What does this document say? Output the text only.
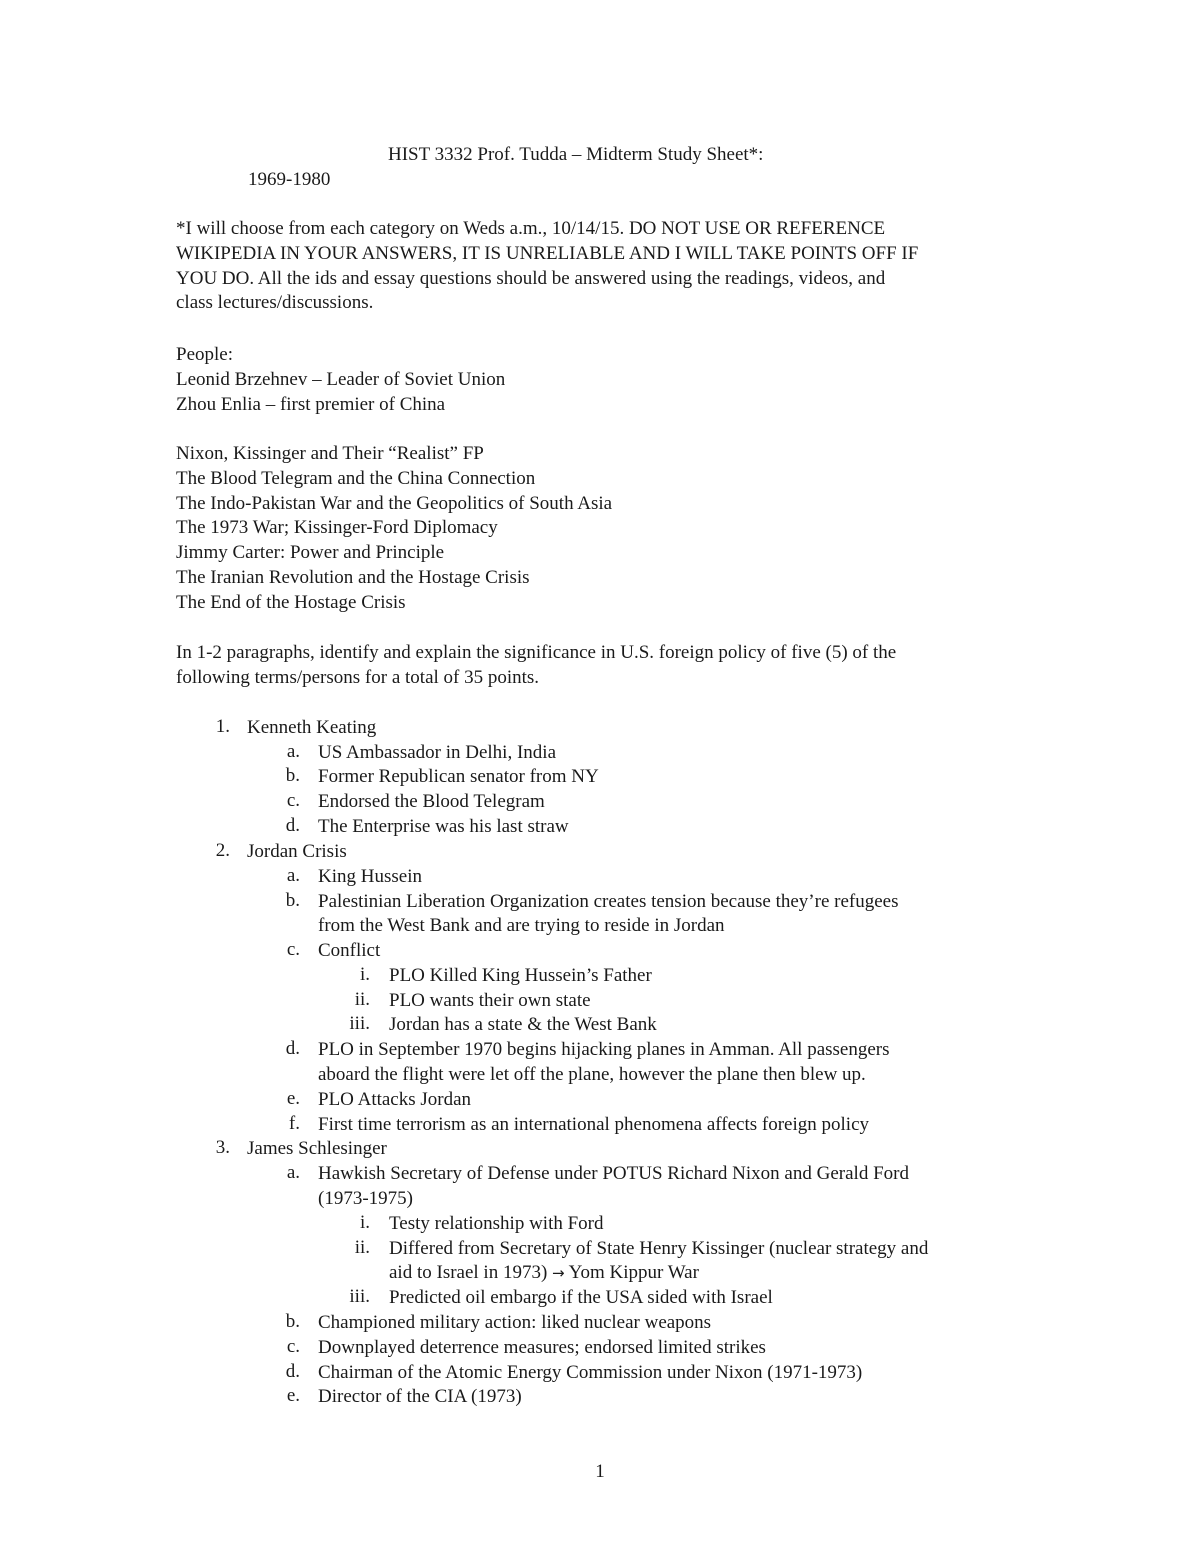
HIST 3332 Prof. Tudda – Midterm Study Sheet*:
1969-1980

*I will choose from each category on Weds a.m., 10/14/15. DO NOT USE OR REFERENCE

WIKIPEDIA IN YOUR ANSWERS, IT IS UNRELIABLE AND I WILL TAKE POINTS OFF IF

YOU DO. All the ids and essay questions should be answered using the readings, videos, and

class lectures/discussions.

People:

Leonid Brzehnev – Leader of Soviet Union

Zhou Enlia – first premier of China

Nixon, Kissinger and Their “Realist” FP

The Blood Telegram and the China Connection

The Indo-Pakistan War and the Geopolitics of South Asia

The 1973 War; Kissinger-Ford Diplomacy

Jimmy Carter: Power and Principle

The Iranian Revolution and the Hostage Crisis

The End of the Hostage Crisis

In 1-2 paragraphs, identify and explain the significance in U.S. foreign policy of five (5) of the

following terms/persons for a total of 35 points.

1. Kenneth Keating
a. US Ambassador in Delhi, India
b. Former Republican senator from NY
c. Endorsed the Blood Telegram
d. The Enterprise was his last straw
2. Jordan Crisis
a. King Hussein
b. Palestinian Liberation Organization creates tension because they’re refugees
from the West Bank and are trying to reside in Jordan
c. Conflict
i. PLO Killed King Hussein’s Father
ii. PLO wants their own state
iii. Jordan has a state & the West Bank
d. PLO in September 1970 begins hijacking planes in Amman. All passengers
aboard the flight were let off the plane, however the plane then blew up.
e. PLO Attacks Jordan
f. First time terrorism as an international phenomena affects foreign policy
3. James Schlesinger
a. Hawkish Secretary of Defense under POTUS Richard Nixon and Gerald Ford
(1973-1975)
i. Testy relationship with Ford
ii. Differed from Secretary of State Henry Kissinger (nuclear strategy and
aid to Israel in 1973) → Yom Kippur War
iii. Predicted oil embargo if the USA sided with Israel
b. Championed military action: liked nuclear weapons
c. Downplayed deterrence measures; endorsed limited strikes
d. Chairman of the Atomic Energy Commission under Nixon (1971-1973)
e. Director of the CIA (1973)
1
